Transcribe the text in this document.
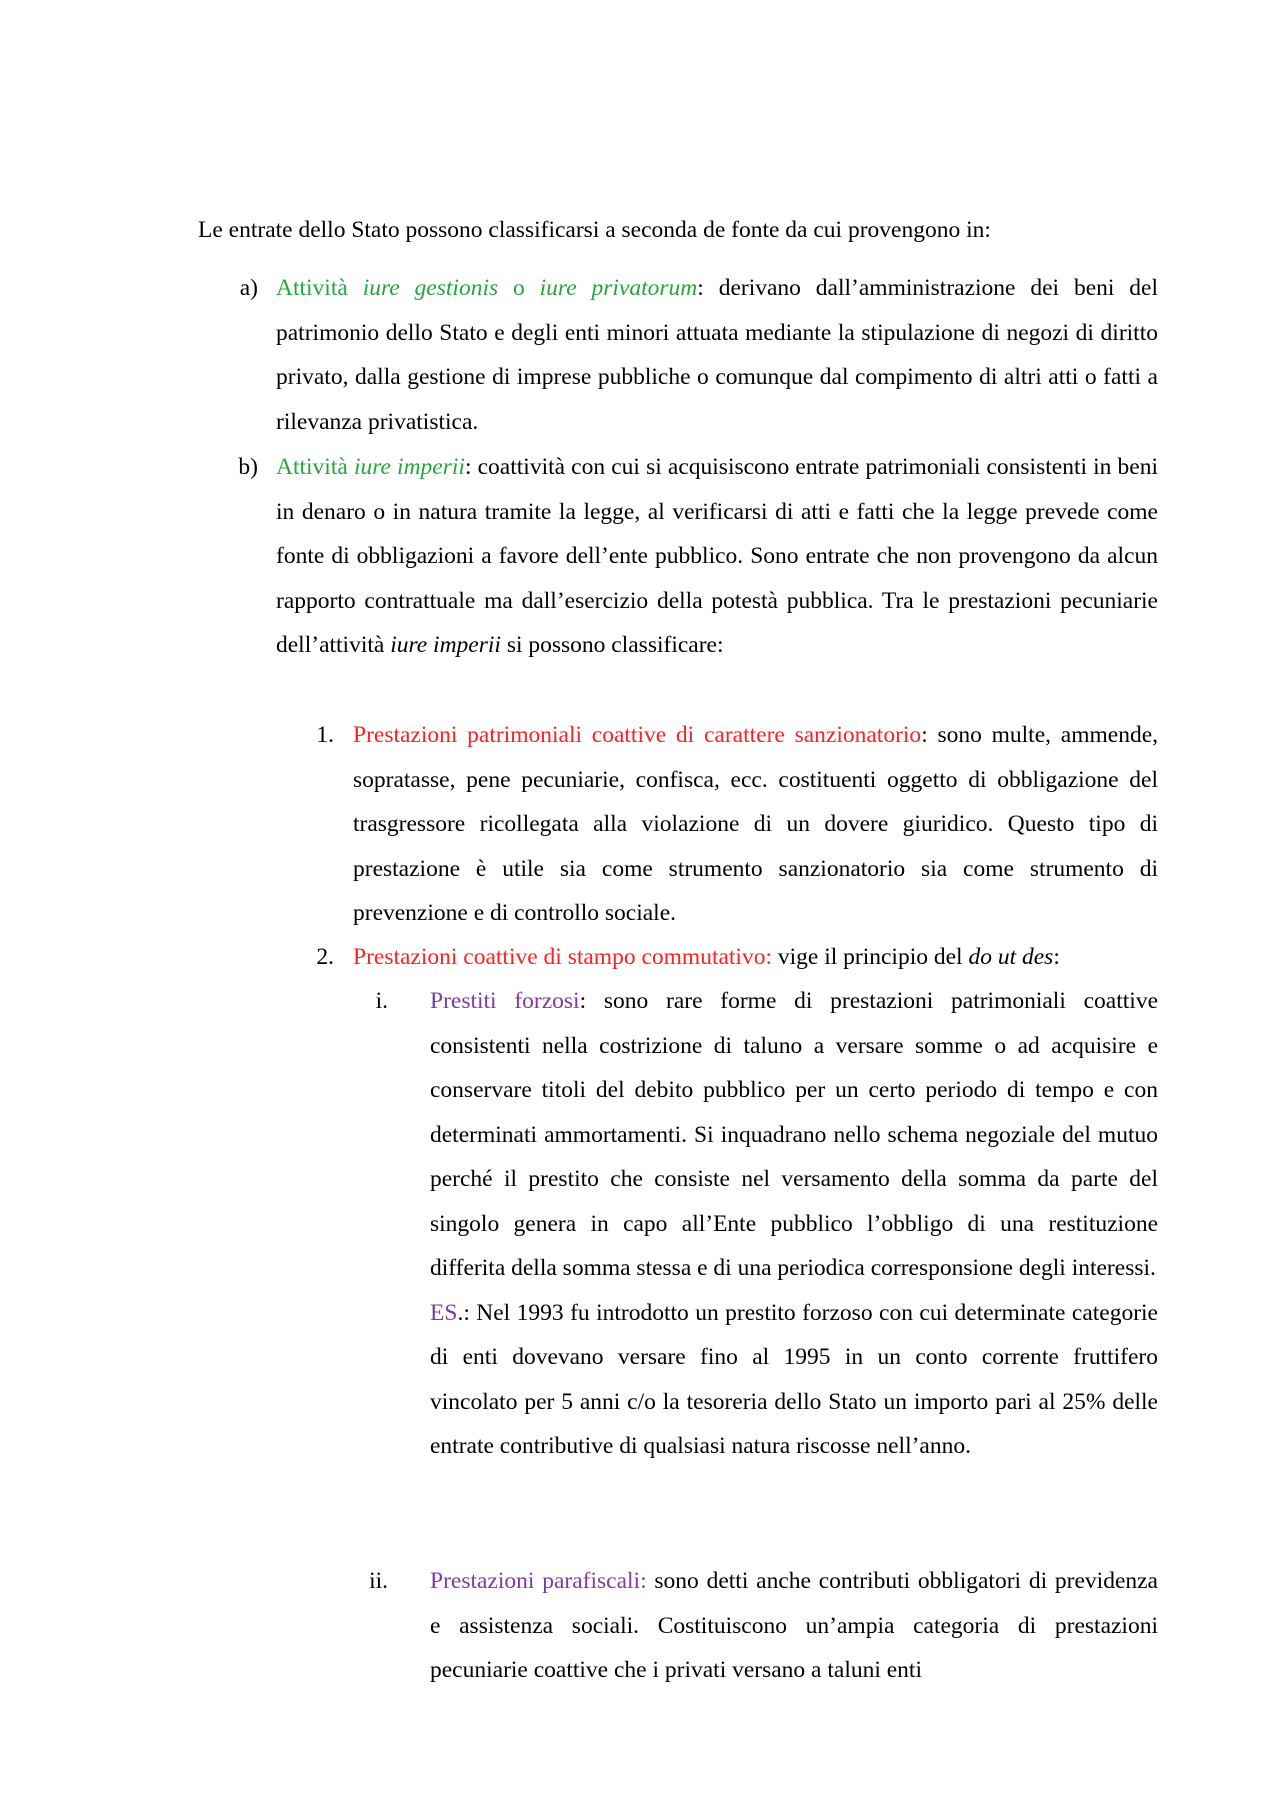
Le entrate dello Stato possono classificarsi a seconda de fonte da cui provengono in:

a) Attività iure gestionis o iure privatorum: derivano dall’amministrazione dei beni del patrimonio dello Stato e degli enti minori attuata mediante la stipulazione di negozi di diritto privato, dalla gestione di imprese pubbliche o comunque dal compimento di altri atti o fatti a rilevanza privatistica.

b) Attività iure imperii: coattività con cui si acquisiscono entrate patrimoniali consistenti in beni in denaro o in natura tramite la legge, al verificarsi di atti e fatti che la legge prevede come fonte di obbligazioni a favore dell’ente pubblico. Sono entrate che non provengono da alcun rapporto contrattuale ma dall’esercizio della potestà pubblica. Tra le prestazioni pecuniarie dell’attività iure imperii si possono classificare:

1. Prestazioni patrimoniali coattive di carattere sanzionatorio: sono multe, ammende, sopratasse, pene pecuniarie, confisca, ecc. costituenti oggetto di obbligazione del trasgressore ricollegata alla violazione di un dovere giuridico. Questo tipo di prestazione è utile sia come strumento sanzionatorio sia come strumento di prevenzione e di controllo sociale.

2. Prestazioni coattive di stampo commutativo: vige il principio del do ut des:

i. Prestiti forzosi: sono rare forme di prestazioni patrimoniali coattive consistenti nella costrizione di taluno a versare somme o ad acquisire e conservare titoli del debito pubblico per un certo periodo di tempo e con determinati ammortamenti. Si inquadrano nello schema negoziale del mutuo perché il prestito che consiste nel versamento della somma da parte del singolo genera in capo all’Ente pubblico l’obbligo di una restituzione differita della somma stessa e di una periodica corresponsione degli interessi.

ES.: Nel 1993 fu introdotto un prestito forzoso con cui determinate categorie di enti dovevano versare fino al 1995 in un conto corrente fruttifero vincolato per 5 anni c/o la tesoreria dello Stato un importo pari al 25% delle entrate contributive di qualsiasi natura riscosse nell’anno.

ii. Prestazioni parafiscali: sono detti anche contributi obbligatori di previdenza e assistenza sociali. Costituiscono un’ampia categoria di prestazioni pecuniarie coattive che i privati versano a taluni enti
